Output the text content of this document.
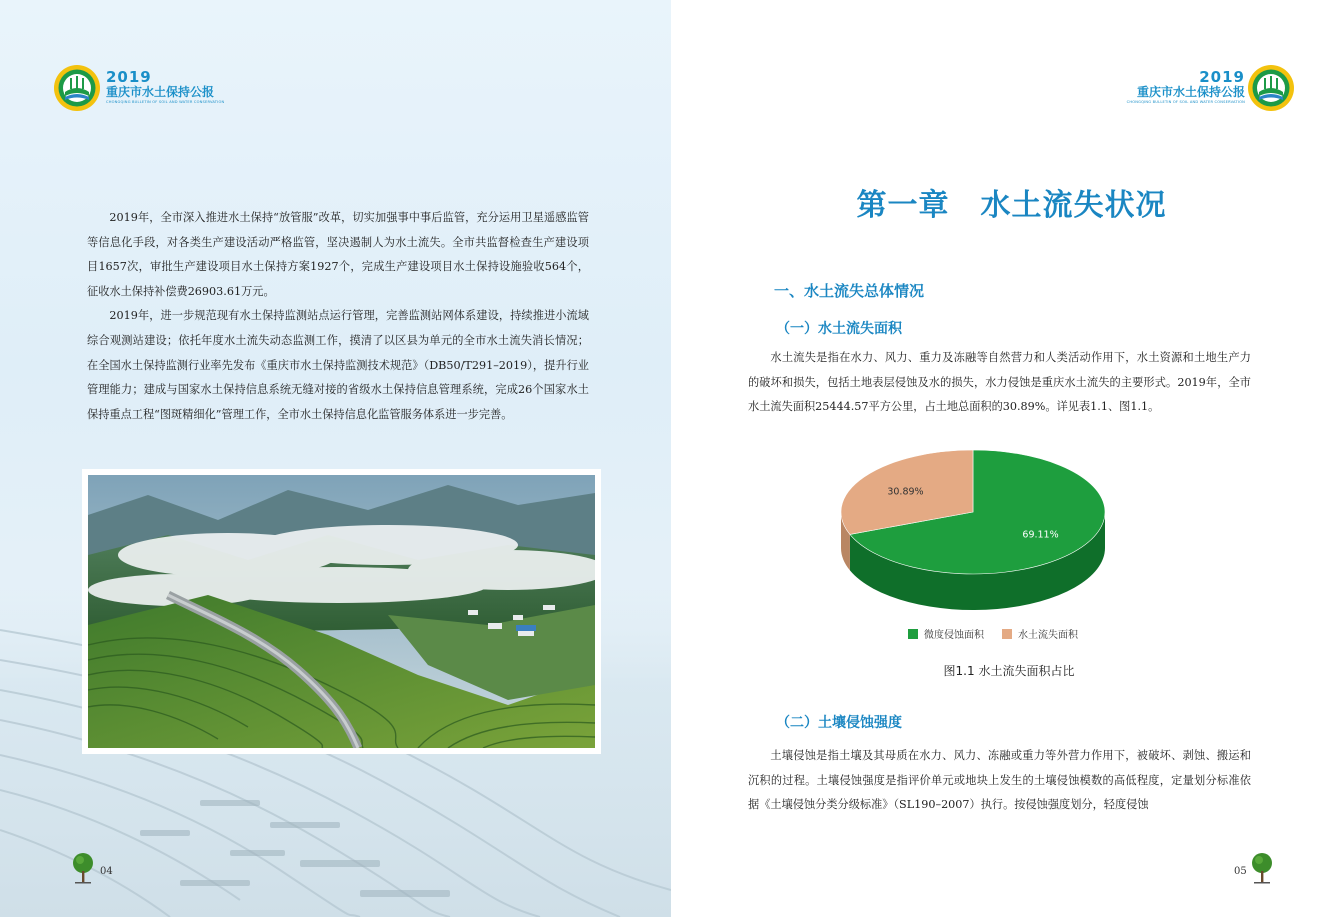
2019
重庆市水土保持公报
CHONGQING BULLETIN OF SOIL AND WATER CONSERVATION

2019年，全市深入推进水土保持“放管服”改革，切实加强事中事后监管，充分运用卫星遥感监管等信息化手段，对各类生产建设活动严格监管，坚决遏制人为水土流失。全市共监督检查生产建设项目1657次，审批生产建设项目水土保持方案1927个，完成生产建设项目水土保持设施验收564个，征收水土保持补偿费26903.61万元。

2019年，进一步规范现有水土保持监测站点运行管理，完善监测站网体系建设，持续推进小流域综合观测站建设；依托年度水土流失动态监测工作，摸清了以区县为单元的全市水土流失消长情况；在全国水土保持监测行业率先发布《重庆市水土保持监测技术规范》（DB50/T291–2019），提升行业管理能力；建成与国家水土保持信息系统无缝对接的省级水土保持信息管理系统，完成26个国家水土保持重点工程“图斑精细化”管理工作，全市水土保持信息化监管服务体系进一步完善。

04
2019
重庆市水土保持公报
CHONGQING BULLETIN OF SOIL AND WATER CONSERVATION
第一章　水土流失状况
一、水土流失总体情况
（一）水土流失面积

水土流失是指在水力、风力、重力及冻融等自然营力和人类活动作用下，水土资源和土地生产力的破坏和损失，包括土地表层侵蚀及水的损失，水力侵蚀是重庆水土流失的主要形式。2019年，全市水土流失面积25444.57平方公里，占土地总面积的30.89%。详见表1.1、图1.1。

69.11%
30.89%
微度侵蚀面积	水土流失面积
图1.1 水土流失面积占比
（二）土壤侵蚀强度

土壤侵蚀是指土壤及其母质在水力、风力、冻融或重力等外营力作用下，被破坏、剥蚀、搬运和沉积的过程。土壤侵蚀强度是指评价单元或地块上发生的土壤侵蚀模数的高低程度，定量划分标准依据《土壤侵蚀分类分级标准》（SL190–2007）执行。按侵蚀强度划分，轻度侵蚀

05
